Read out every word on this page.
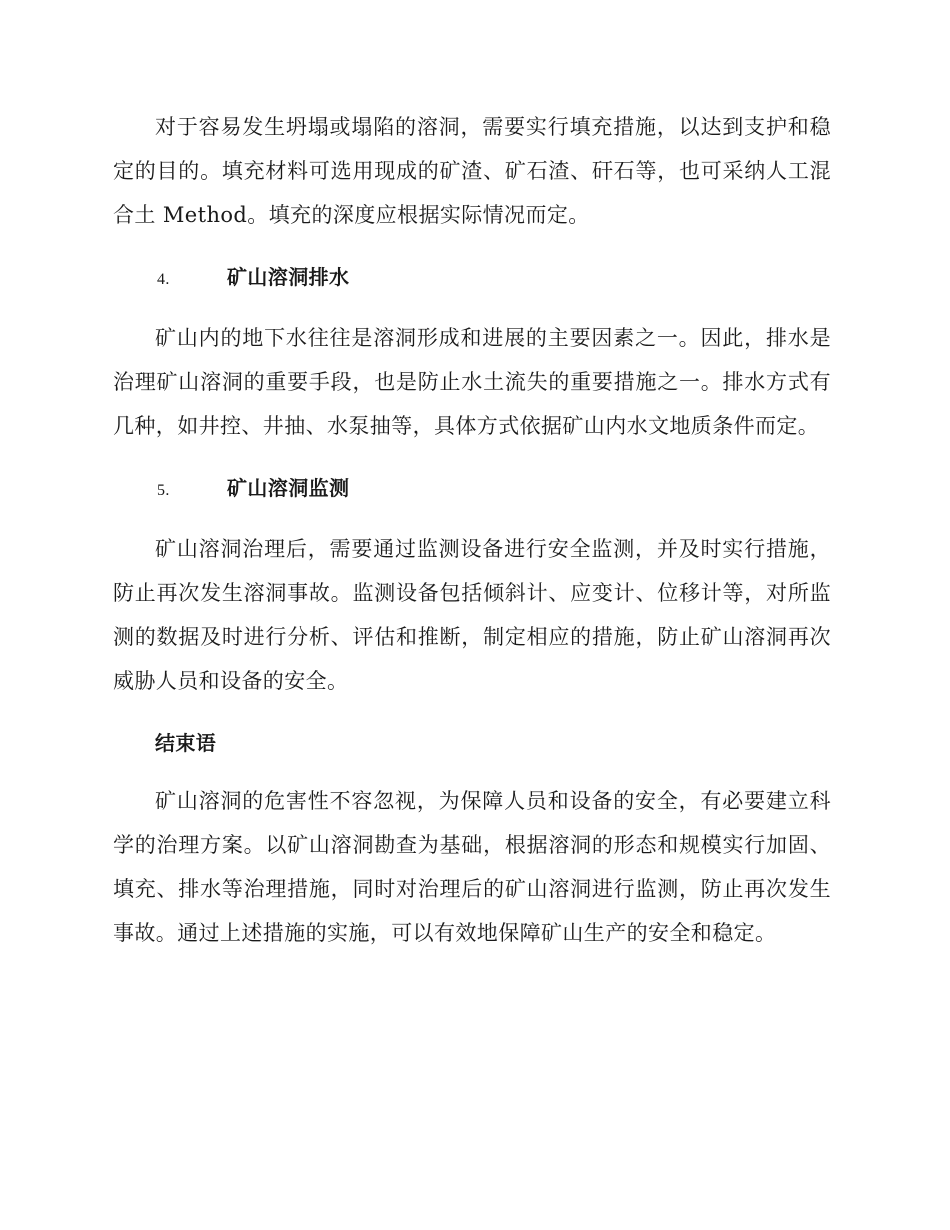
对于容易发生坍塌或塌陷的溶洞，需要实行填充措施，以达到支护和稳定的目的。填充材料可选用现成的矿渣、矿石渣、矸石等，也可采纳人工混合土 Method。填充的深度应根据实际情况而定。

4.	矿山溶洞排水

矿山内的地下水往往是溶洞形成和进展的主要因素之一。因此，排水是治理矿山溶洞的重要手段，也是防止水土流失的重要措施之一。排水方式有几种，如井控、井抽、水泵抽等，具体方式依据矿山内水文地质条件而定。

5.	矿山溶洞监测

矿山溶洞治理后，需要通过监测设备进行安全监测，并及时实行措施，防止再次发生溶洞事故。监测设备包括倾斜计、应变计、位移计等，对所监测的数据及时进行分析、评估和推断，制定相应的措施，防止矿山溶洞再次威胁人员和设备的安全。

结束语

矿山溶洞的危害性不容忽视，为保障人员和设备的安全，有必要建立科学的治理方案。以矿山溶洞勘查为基础，根据溶洞的形态和规模实行加固、填充、排水等治理措施，同时对治理后的矿山溶洞进行监测，防止再次发生事故。通过上述措施的实施，可以有效地保障矿山生产的安全和稳定。
